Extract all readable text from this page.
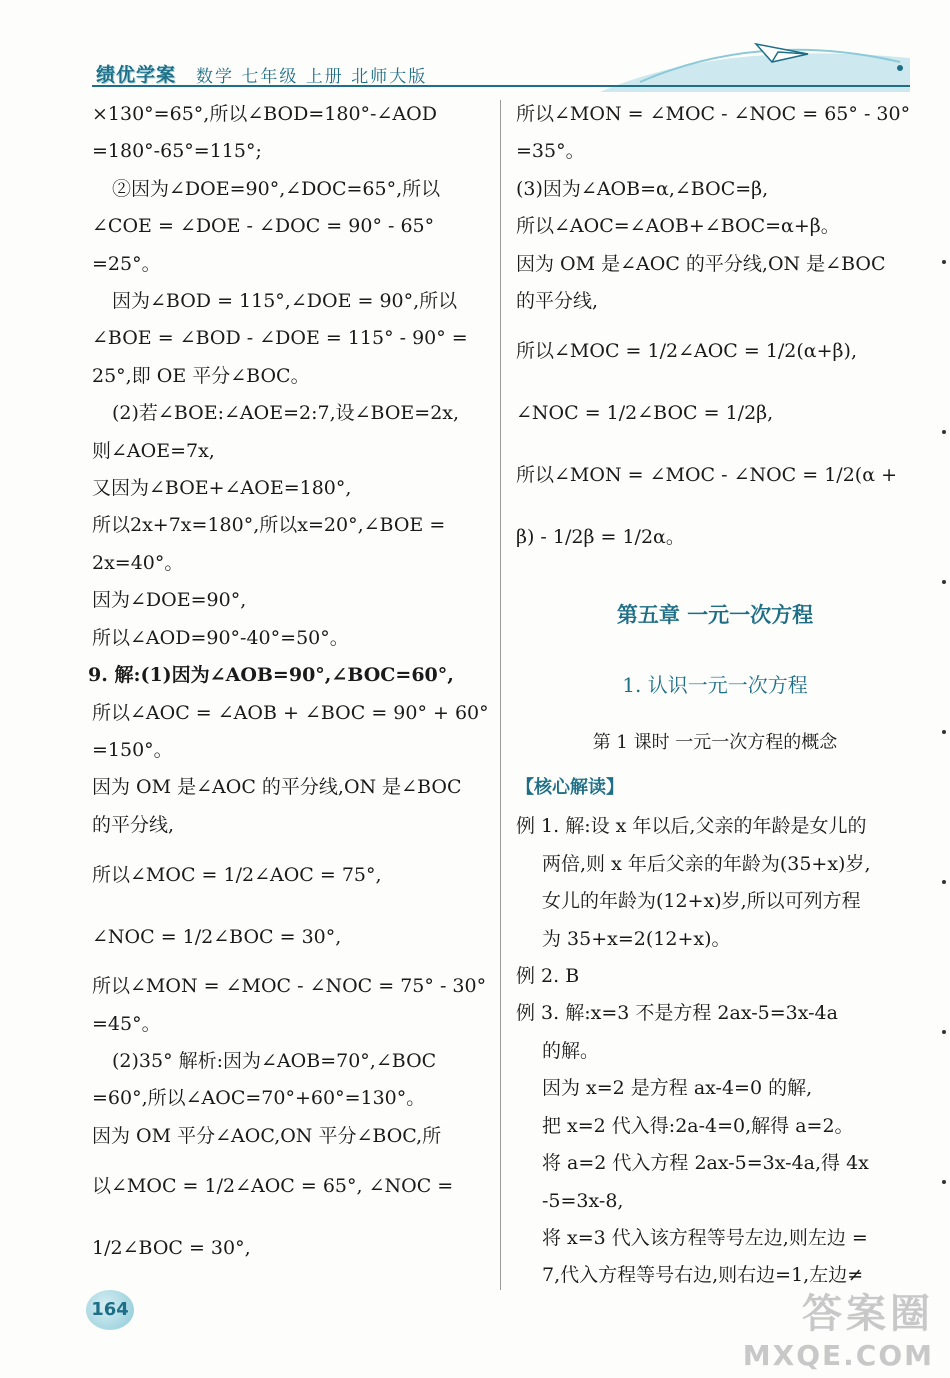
绩优学案 数学 七年级 上册 北师大版
×130°=65°,所以∠BOD=180°-∠AOD
=180°-65°=115°;
②因为∠DOE=90°,∠DOC=65°,所以
∠COE = ∠DOE - ∠DOC = 90° - 65°
=25°。
因为∠BOD = 115°,∠DOE = 90°,所以
∠BOE = ∠BOD - ∠DOE = 115° - 90° =
25°,即 OE 平分∠BOC。
(2)若∠BOE:∠AOE=2:7,设∠BOE=2x,
则∠AOE=7x,
又因为∠BOE+∠AOE=180°,
所以2x+7x=180°,所以x=20°,∠BOE =
2x=40°。
因为∠DOE=90°,
所以∠AOD=90°-40°=50°。
9. 解:(1)因为∠AOB=90°,∠BOC=60°,
所以∠AOC = ∠AOB + ∠BOC = 90° + 60°
=150°。
因为 OM 是∠AOC 的平分线,ON 是∠BOC
的平分线,
所以∠MOC = 1/2∠AOC = 75°,
∠NOC = 1/2∠BOC = 30°,
所以∠MON = ∠MOC - ∠NOC = 75° - 30°
=45°。
(2)35° 解析:因为∠AOB=70°,∠BOC
=60°,所以∠AOC=70°+60°=130°。
因为 OM 平分∠AOC,ON 平分∠BOC,所
以∠MOC = 1/2∠AOC = 65°, ∠NOC =
1/2∠BOC = 30°,
所以∠MON = ∠MOC - ∠NOC = 65° - 30°
=35°。
(3)因为∠AOB=α,∠BOC=β,
所以∠AOC=∠AOB+∠BOC=α+β。
因为 OM 是∠AOC 的平分线,ON 是∠BOC
的平分线,
所以∠MOC = 1/2∠AOC = 1/2(α+β),
∠NOC = 1/2∠BOC = 1/2β,
所以∠MON = ∠MOC - ∠NOC = 1/2(α +
β) - 1/2β = 1/2α。
第五章 一元一次方程
1. 认识一元一次方程
第 1 课时 一元一次方程的概念
【核心解读】
例 1. 解:设 x 年以后,父亲的年龄是女儿的
两倍,则 x 年后父亲的年龄为(35+x)岁,
女儿的年龄为(12+x)岁,所以可列方程
为 35+x=2(12+x)。
例 2. B
例 3. 解:x=3 不是方程 2ax-5=3x-4a
的解。
因为 x=2 是方程 ax-4=0 的解,
把 x=2 代入得:2a-4=0,解得 a=2。
将 a=2 代入方程 2ax-5=3x-4a,得 4x
-5=3x-8,
将 x=3 代入该方程等号左边,则左边 =
7,代入方程等号右边,则右边=1,左边≠
164	答案圈
MXQE.COM
